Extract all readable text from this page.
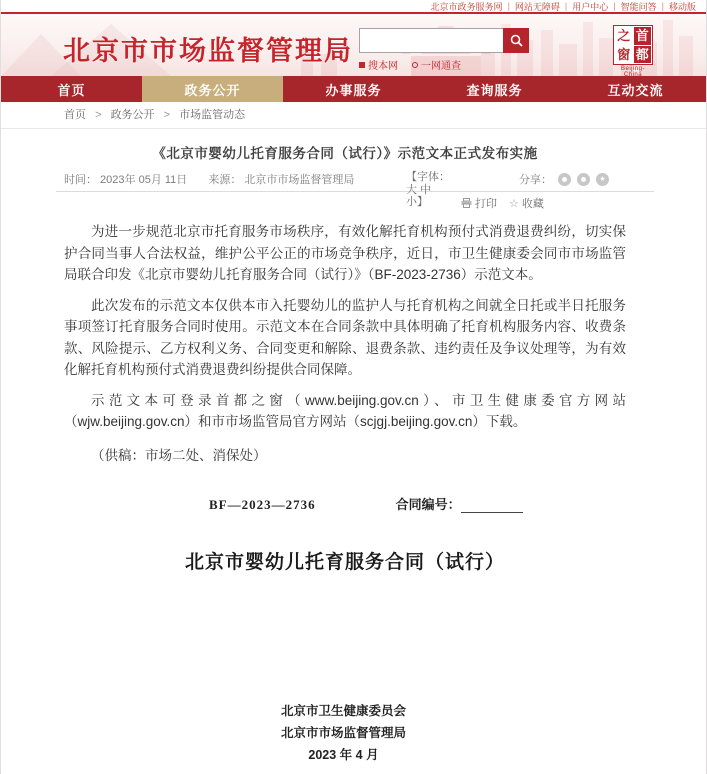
北京市政务服务网 | 网站无障碍 | 用户中心 | 智能问答 | 移动版
北京市市场监督管理局
搜本网 一网通查
之 首
窗 都
Beijing-China
首页	政务公开	办事服务	查询服务	互动交流
首页 > 政务公开 > 市场监管动态
《北京市婴幼儿托育服务合同（试行）》示范文本正式发布实施
时间： 2023年 05月 11日 来源： 北京市市场监督管理局	【字体：大 中 小】	打印 ☆ 收藏
分享：	★

为进一步规范北京市托育服务市场秩序，有效化解托育机构预付式消费退费纠纷，切实保护合同当事人合法权益，维护公平公正的市场竞争秩序，近日，市卫生健康委会同市市场监管局联合印发《北京市婴幼儿托育服务合同（试行）》（BF-2023-2736）示范文本。

此次发布的示范文本仅供本市入托婴幼儿的监护人与托育机构之间就全日托或半日托服务事项签订托育服务合同时使用。示范文本在合同条款中具体明确了托育机构服务内容、收费条款、风险提示、乙方权利义务、合同变更和解除、退费条款、违约责任及争议处理等，为有效化解托育机构预付式消费退费纠纷提供合同保障。

示范文本可登录首都之窗（www.beijing.gov.cn）、市卫生健康委官方网站（wjw.beijing.gov.cn）和市市场监管局官方网站（scjgj.beijing.gov.cn）下载。

（供稿：市场二处、消保处）

BF—2023—2736	合同编号：
北京市婴幼儿托育服务合同（试行）
北京市卫生健康委员会
北京市市场监督管理局
2023 年 4 月
